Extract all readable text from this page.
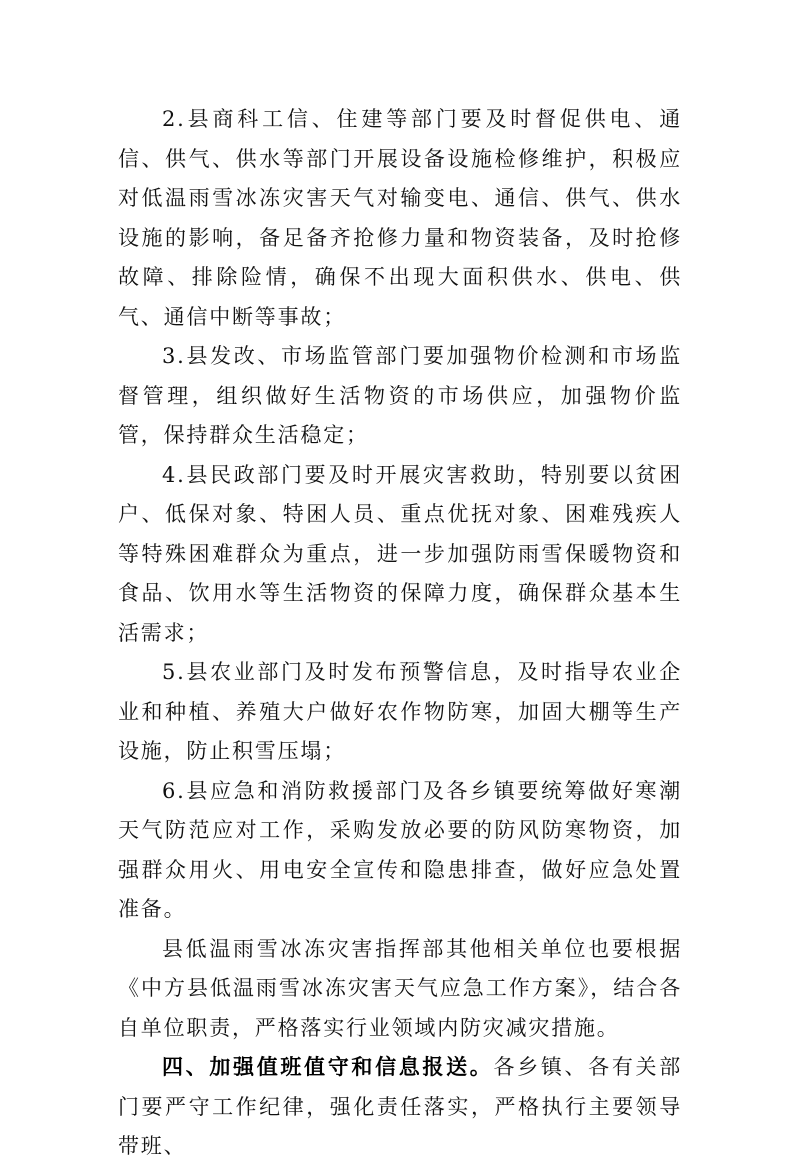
2.县商科工信、住建等部门要及时督促供电、通信、供气、供水等部门开展设备设施检修维护，积极应对低温雨雪冰冻灾害天气对输变电、通信、供气、供水设施的影响，备足备齐抢修力量和物资装备，及时抢修故障、排除险情，确保不出现大面积供水、供电、供气、通信中断等事故；

3.县发改、市场监管部门要加强物价检测和市场监督管理，组织做好生活物资的市场供应，加强物价监管，保持群众生活稳定；

4.县民政部门要及时开展灾害救助，特别要以贫困户、低保对象、特困人员、重点优抚对象、困难残疾人等特殊困难群众为重点，进一步加强防雨雪保暖物资和食品、饮用水等生活物资的保障力度，确保群众基本生活需求；

5.县农业部门及时发布预警信息，及时指导农业企业和种植、养殖大户做好农作物防寒，加固大棚等生产设施，防止积雪压塌；

6.县应急和消防救援部门及各乡镇要统筹做好寒潮天气防范应对工作，采购发放必要的防风防寒物资，加强群众用火、用电安全宣传和隐患排查，做好应急处置准备。

县低温雨雪冰冻灾害指挥部其他相关单位也要根据《中方县低温雨雪冰冻灾害天气应急工作方案》，结合各自单位职责，严格落实行业领域内防灾减灾措施。

四、加强值班值守和信息报送。各乡镇、各有关部门要严守工作纪律，强化责任落实，严格执行主要领导带班、
